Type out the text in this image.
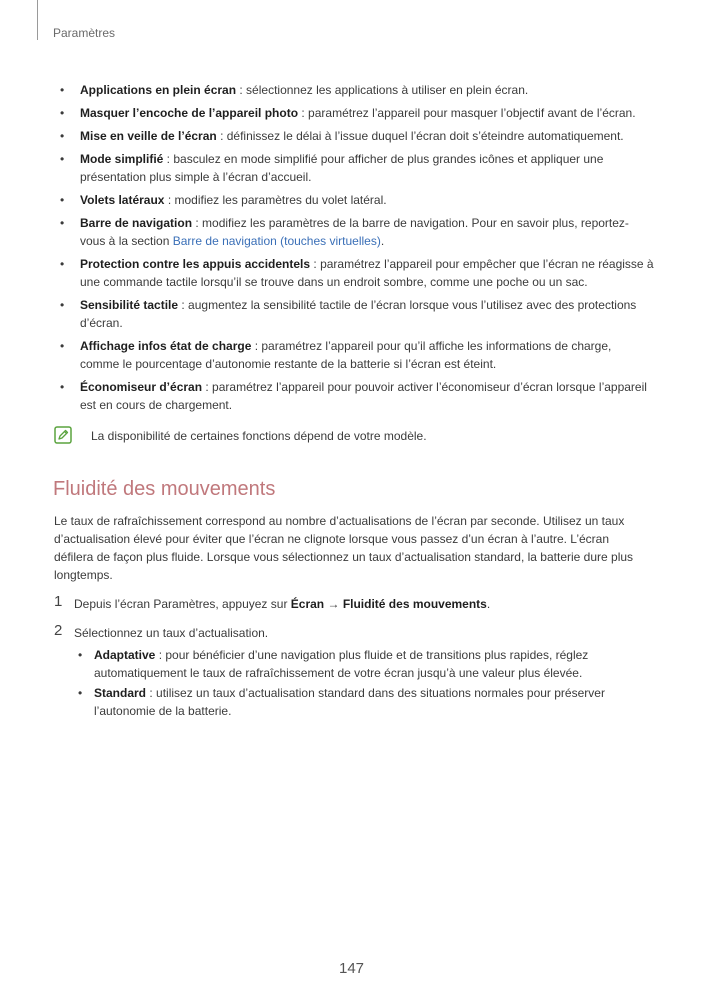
Paramètres
• Applications en plein écran : sélectionnez les applications à utiliser en plein écran.
• Masquer l’encoche de l’appareil photo : paramétrez l’appareil pour masquer l’objectif avant de l’écran.
• Mise en veille de l’écran : définissez le délai à l’issue duquel l’écran doit s’éteindre automatiquement.
• Mode simplifié : basculez en mode simplifié pour afficher de plus grandes icônes et appliquer une présentation plus simple à l’écran d’accueil.
• Volets latéraux : modifiez les paramètres du volet latéral.
• Barre de navigation : modifiez les paramètres de la barre de navigation. Pour en savoir plus, reportez-vous à la section Barre de navigation (touches virtuelles).
• Protection contre les appuis accidentels : paramétrez l’appareil pour empêcher que l’écran ne réagisse à une commande tactile lorsqu’il se trouve dans un endroit sombre, comme une poche ou un sac.
• Sensibilité tactile : augmentez la sensibilité tactile de l’écran lorsque vous l’utilisez avec des protections d’écran.
• Affichage infos état de charge : paramétrez l’appareil pour qu’il affiche les informations de charge, comme le pourcentage d’autonomie restante de la batterie si l’écran est éteint.
• Économiseur d’écran : paramétrez l’appareil pour pouvoir activer l’économiseur d’écran lorsque l’appareil est en cours de chargement.
La disponibilité de certaines fonctions dépend de votre modèle.
Fluidité des mouvements

Le taux de rafraîchissement correspond au nombre d’actualisations de l’écran par seconde. Utilisez un taux d’actualisation élevé pour éviter que l’écran ne clignote lorsque vous passez d’un écran à l’autre. L’écran défilera de façon plus fluide. Lorsque vous sélectionnez un taux d’actualisation standard, la batterie dure plus longtemps.

1 Depuis l’écran Paramètres, appuyez sur Écran → Fluidité des mouvements.
2 Sélectionnez un taux d’actualisation.
• Adaptative : pour bénéficier d’une navigation plus fluide et de transitions plus rapides, réglez automatiquement le taux de rafraîchissement de votre écran jusqu’à une valeur plus élevée.
• Standard : utilisez un taux d’actualisation standard dans des situations normales pour préserver l’autonomie de la batterie.
147
